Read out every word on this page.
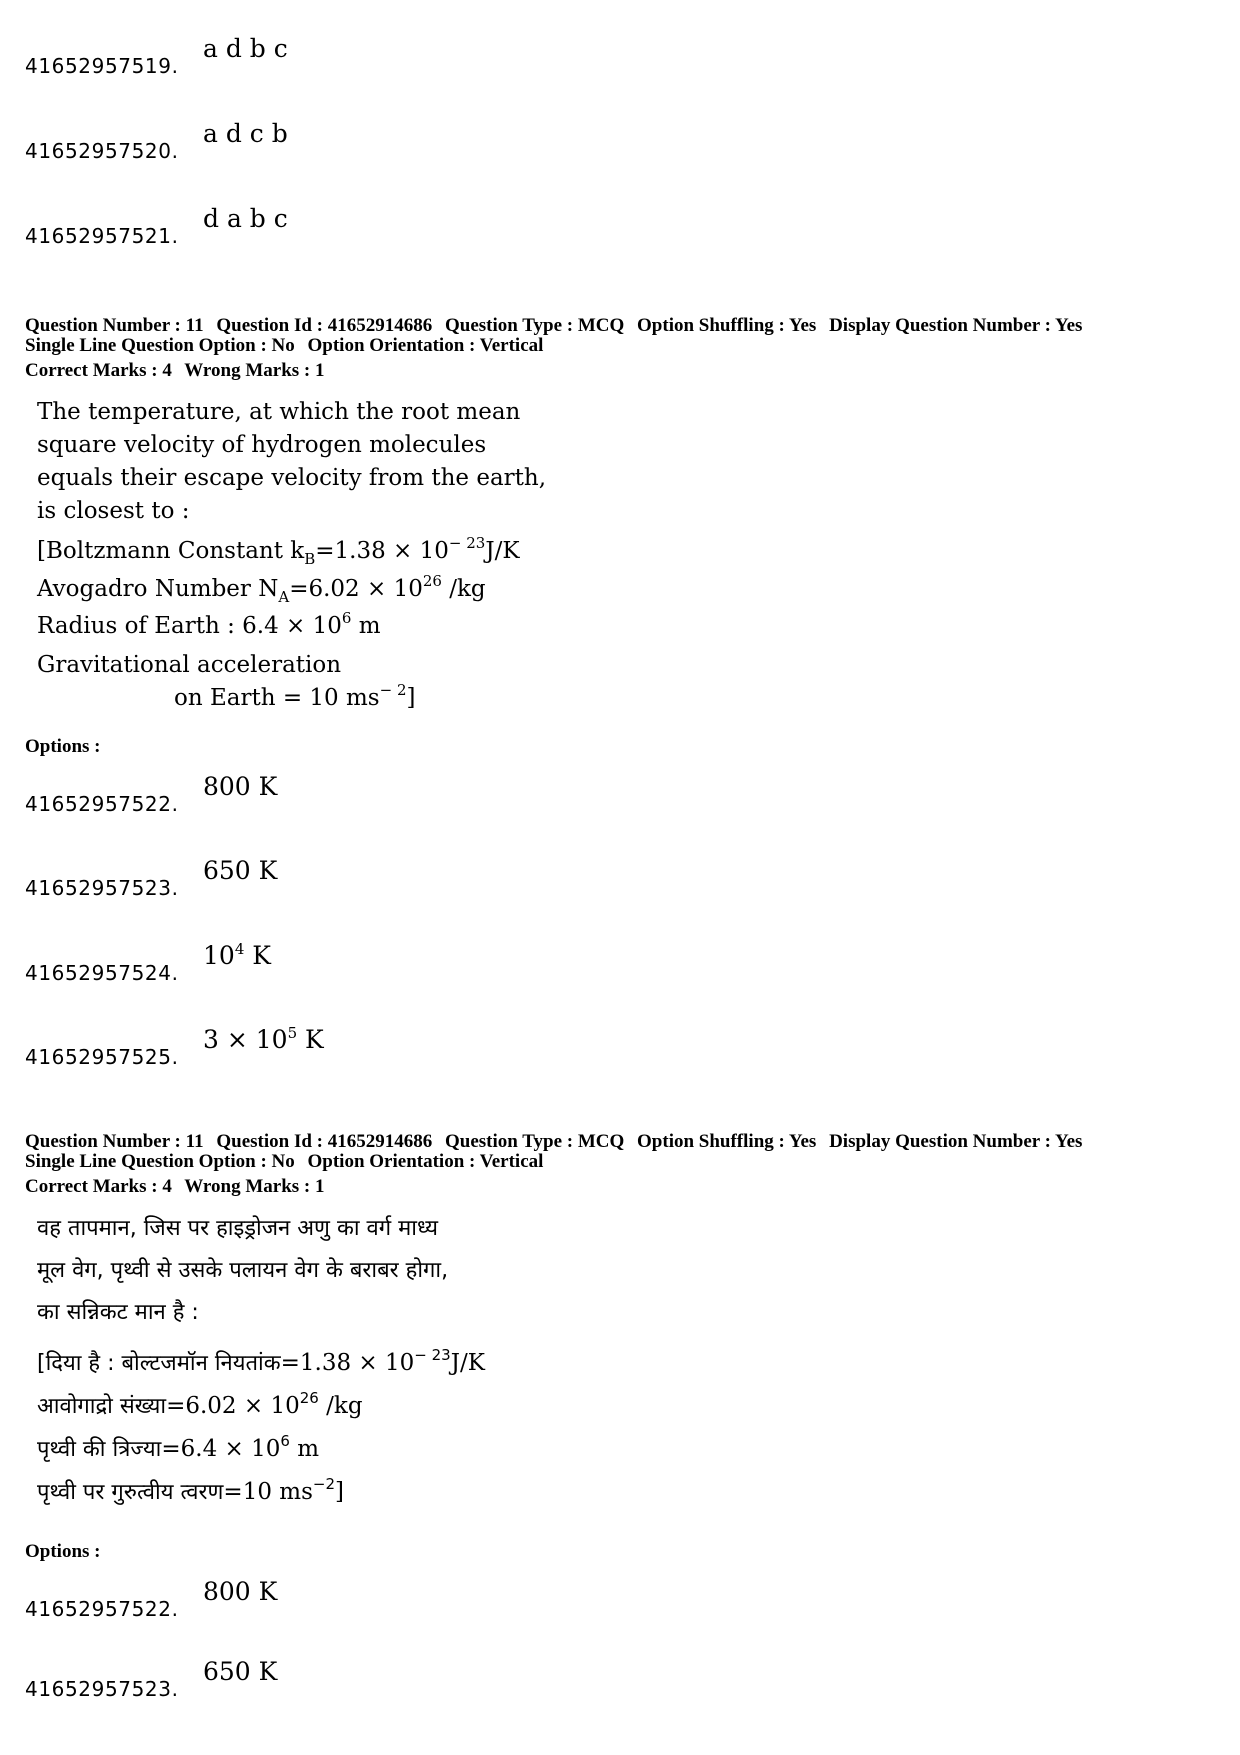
41652957519.
a d b c
41652957520.
a d c b
41652957521.
d a b c
Question Number : 11 Question Id : 41652914686 Question Type : MCQ Option Shuffling : Yes Display Question Number : Yes
Single Line Question Option : No Option Orientation : Vertical
Correct Marks : 4 Wrong Marks : 1

The temperature, at which the root mean

square velocity of hydrogen molecules

equals their escape velocity from the earth,

is closest to :

[Boltzmann Constant $k_B=1.38 \times 10^{- 23}J/K$

Avogadro Number $N_A=6.02 \times 10^{26}$ /kg

Radius of Earth : $6.4 \times 10^6$ m

Gravitational acceleration

on Earth = 10 $ms^{- 2}$]

Options :
41652957522.
800 K
41652957523.
650 K
41652957524.
$10^4$ K
41652957525.
$3 \times 10^5$ K
Question Number : 11 Question Id : 41652914686 Question Type : MCQ Option Shuffling : Yes Display Question Number : Yes
Single Line Question Option : No Option Orientation : Vertical
Correct Marks : 4 Wrong Marks : 1

वह तापमान, जिस पर हाइड्रोजन अणु का वर्ग माध्य

मूल वेग, पृथ्वी से उसके पलायन वेग के बराबर होगा,

का सन्निकट मान है :

[दिया है : बोल्टजमॉन नियतांक=1.38 × $10^{- 23}J/K$

आवोगाद्रो संख्या=6.02 × $10^{26}$ /kg

पृथ्वी की त्रिज्या=6.4 × $10^6$ m

पृथ्वी पर गुरुत्वीय त्वरण=10 $ms^{-2}$]

Options :
41652957522.
800 K
41652957523.
650 K
